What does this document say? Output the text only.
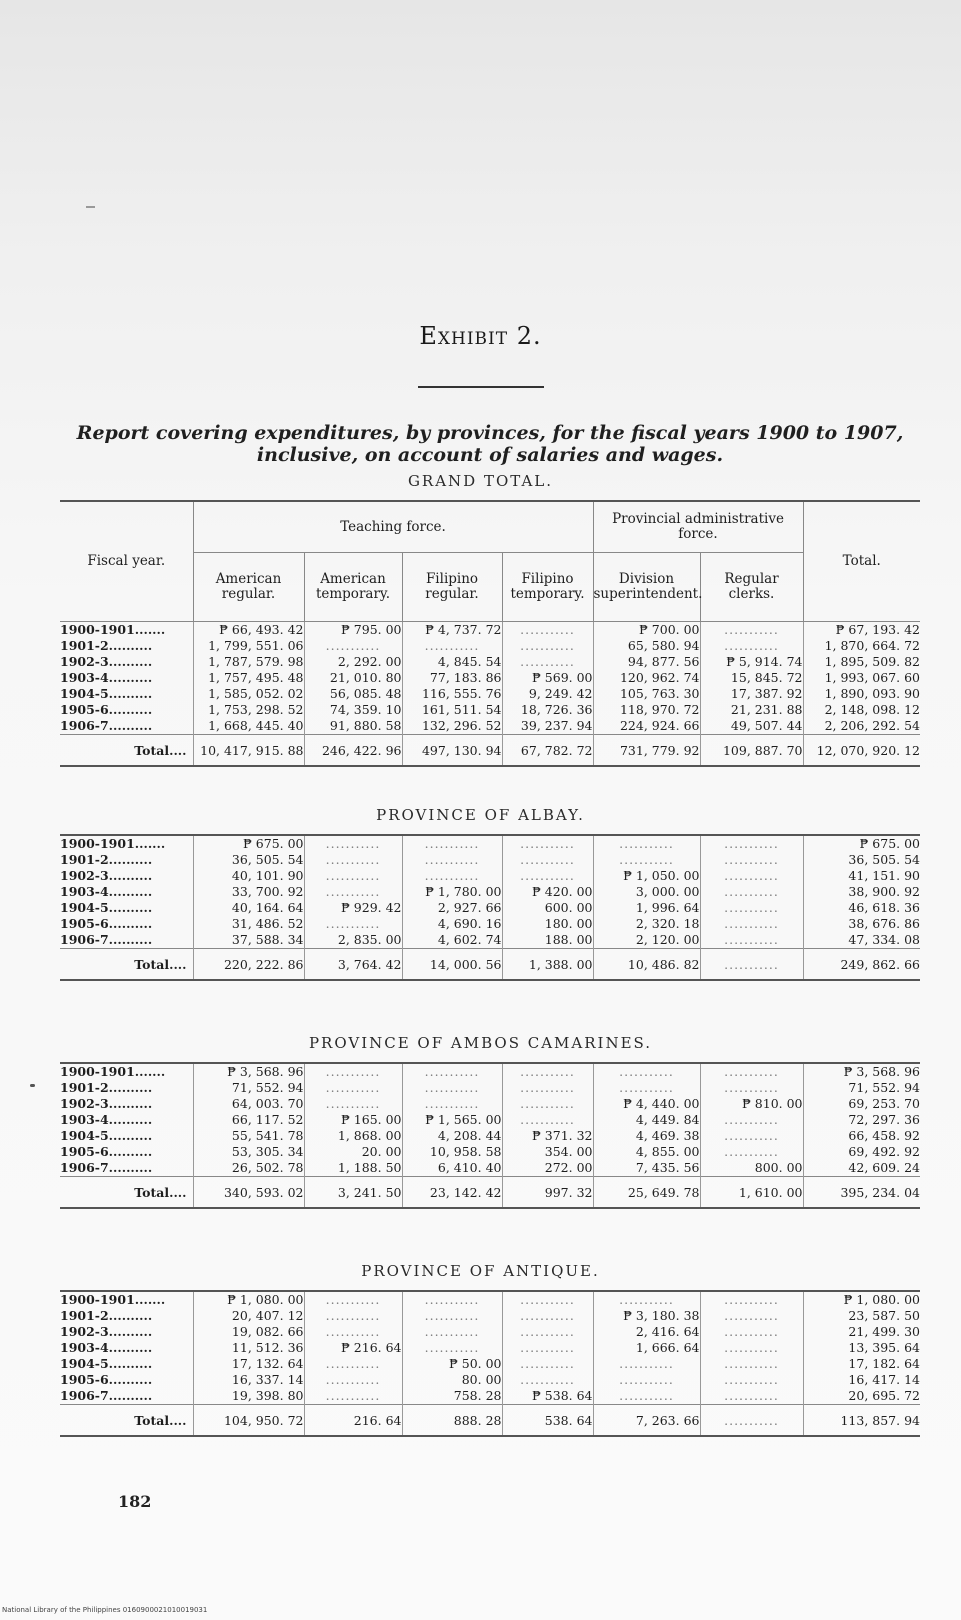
Exhibit 2.
Report covering expenditures, by provinces, for the fiscal years 1900 to 1907, inclusive, on account of salaries and wages.
GRAND TOTAL.
Fiscal year.	Teaching force.				Provincial administrative force.		Total.
	American regular.	American temporary.	Filipino regular.	Filipino temporary.	Division superintendent.	Regular clerks.	
1900-1901.......	₱ 66, 493. 42	₱ 795. 00	₱ 4, 737. 72	...........	₱ 700. 00	...........	₱ 67, 193. 42
1901-2..........	1, 799, 551. 06	...........	...........	...........	65, 580. 94	...........	1, 870, 664. 72
1902-3..........	1, 787, 579. 98	2, 292. 00	4, 845. 54	...........	94, 877. 56	₱ 5, 914. 74	1, 895, 509. 82
1903-4..........	1, 757, 495. 48	21, 010. 80	77, 183. 86	₱ 569. 00	120, 962. 74	15, 845. 72	1, 993, 067. 60
1904-5..........	1, 585, 052. 02	56, 085. 48	116, 555. 76	9, 249. 42	105, 763. 30	17, 387. 92	1, 890, 093. 90
1905-6..........	1, 753, 298. 52	74, 359. 10	161, 511. 54	18, 726. 36	118, 970. 72	21, 231. 88	2, 148, 098. 12
1906-7..........	1, 668, 445. 40	91, 880. 58	132, 296. 52	39, 237. 94	224, 924. 66	49, 507. 44	2, 206, 292. 54
Total....	10, 417, 915. 88	246, 422. 96	497, 130. 94	67, 782. 72	731, 779. 92	109, 887. 70	12, 070, 920. 12
PROVINCE OF ALBAY.
1900-1901.......	₱ 675. 00	...........	...........	...........	...........	...........	₱ 675. 00
1901-2..........	36, 505. 54	...........	...........	...........	...........	...........	36, 505. 54
1902-3..........	40, 101. 90	...........	...........	...........	₱ 1, 050. 00	...........	41, 151. 90
1903-4..........	33, 700. 92	...........	₱ 1, 780. 00	₱ 420. 00	3, 000. 00	...........	38, 900. 92
1904-5..........	40, 164. 64	₱ 929. 42	2, 927. 66	600. 00	1, 996. 64	...........	46, 618. 36
1905-6..........	31, 486. 52	...........	4, 690. 16	180. 00	2, 320. 18	...........	38, 676. 86
1906-7..........	37, 588. 34	2, 835. 00	4, 602. 74	188. 00	2, 120. 00	...........	47, 334. 08
Total....	220, 222. 86	3, 764. 42	14, 000. 56	1, 388. 00	10, 486. 82	...........	249, 862. 66
PROVINCE OF AMBOS CAMARINES.
1900-1901.......	₱ 3, 568. 96	...........	...........	...........	...........	...........	₱ 3, 568. 96
1901-2..........	71, 552. 94	...........	...........	...........	...........	...........	71, 552. 94
1902-3..........	64, 003. 70	...........	...........	...........	₱ 4, 440. 00	₱ 810. 00	69, 253. 70
1903-4..........	66, 117. 52	₱ 165. 00	₱ 1, 565. 00	...........	4, 449. 84	...........	72, 297. 36
1904-5..........	55, 541. 78	1, 868. 00	4, 208. 44	₱ 371. 32	4, 469. 38	...........	66, 458. 92
1905-6..........	53, 305. 34	20. 00	10, 958. 58	354. 00	4, 855. 00	...........	69, 492. 92
1906-7..........	26, 502. 78	1, 188. 50	6, 410. 40	272. 00	7, 435. 56	800. 00	42, 609. 24
Total....	340, 593. 02	3, 241. 50	23, 142. 42	997. 32	25, 649. 78	1, 610. 00	395, 234. 04
PROVINCE OF ANTIQUE.
1900-1901.......	₱ 1, 080. 00	...........	...........	...........	...........	...........	₱ 1, 080. 00
1901-2..........	20, 407. 12	...........	...........	...........	₱ 3, 180. 38	...........	23, 587. 50
1902-3..........	19, 082. 66	...........	...........	...........	2, 416. 64	...........	21, 499. 30
1903-4..........	11, 512. 36	₱ 216. 64	...........	...........	1, 666. 64	...........	13, 395. 64
1904-5..........	17, 132. 64	...........	₱ 50. 00	...........	...........	...........	17, 182. 64
1905-6..........	16, 337. 14	...........	80. 00	...........	...........	...........	16, 417. 14
1906-7..........	19, 398. 80	...........	758. 28	₱ 538. 64	...........	...........	20, 695. 72
Total....	104, 950. 72	216. 64	888. 28	538. 64	7, 263. 66	...........	113, 857. 94
182
National Library of the Philippines 0160900021010019031
